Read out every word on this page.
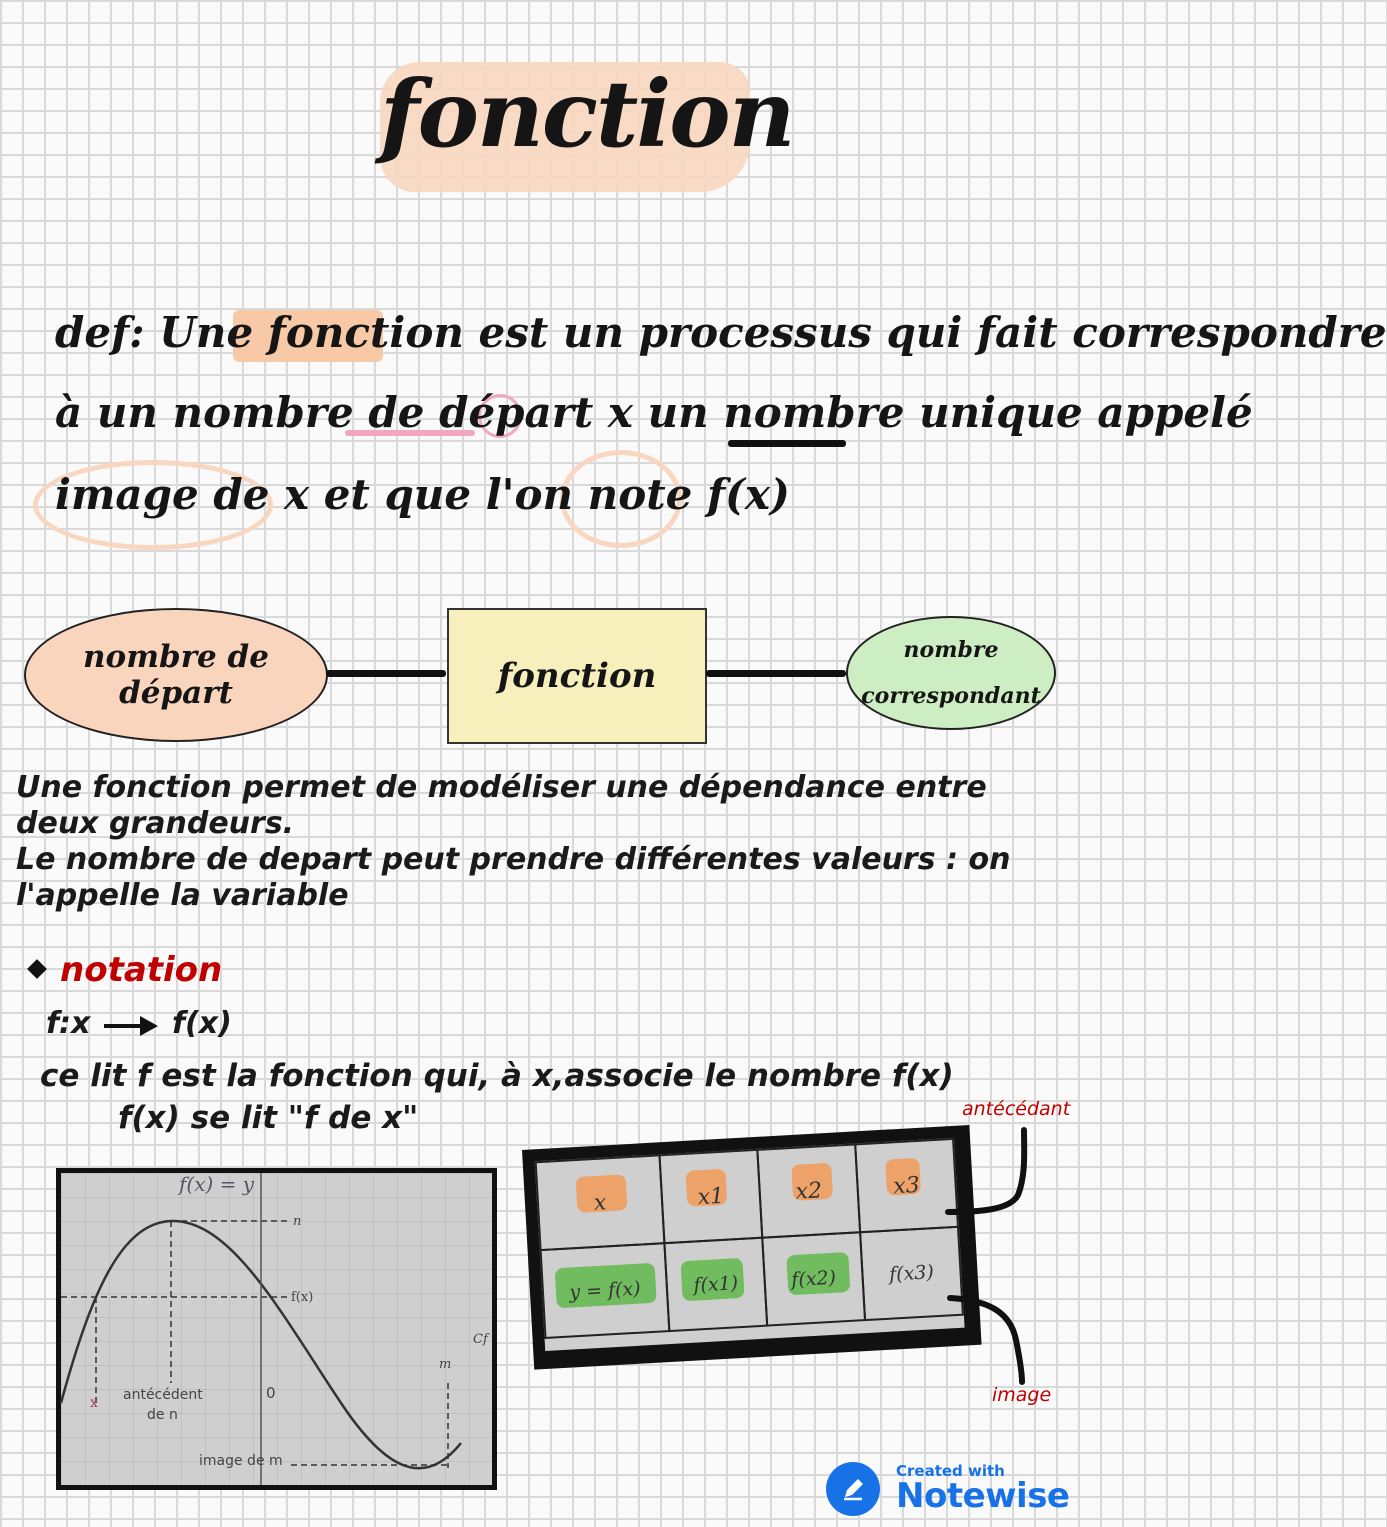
fonction
def: Une fonction est un processus qui fait correspondre
à un nombre de départ x un nombre unique appelé
image de x et que l'on note f(x)
nombre de départ	fonction
nombre
correspondant
Une fonction permet de modéliser une dépendance entre
deux grandeurs.
Le nombre de depart peut prendre différentes valeurs : on
l'appelle la variable
notation
f:x	f(x)
ce lit f est la fonction qui, à x,associe le nombre f(x)
f(x) se lit "f de x"	antécédant
image
f(x) = y
n
f(x)
Cf
m
0
x antécédent
de n
image de m
x	x1	x2	x3
y = f(x)	f(x1)	f(x2)	f(x3)
Created with
Notewise
